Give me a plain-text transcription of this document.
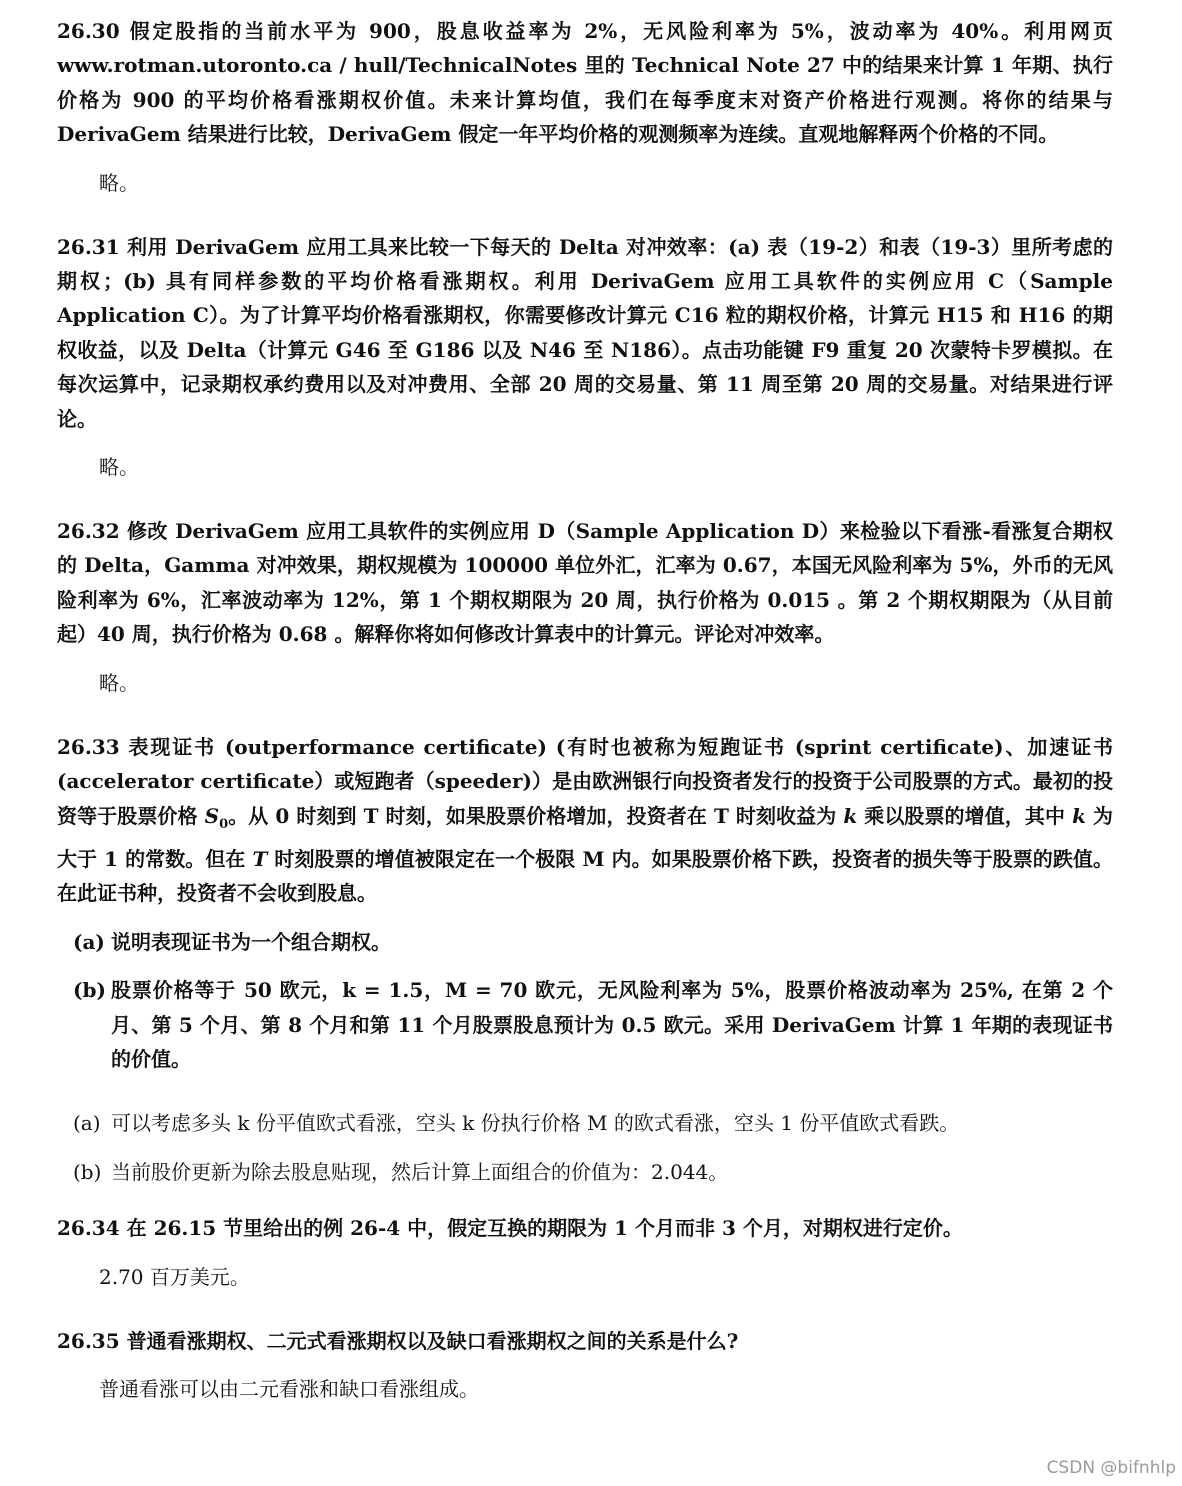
26.30 假定股指的当前水平为 900，股息收益率为 2%，无风险利率为 5%，波动率为 40%。利用网页 www.rotman.utoronto.ca / hull/TechnicalNotes 里的 Technical Note 27 中的结果来计算 1 年期、执行价格为 900 的平均价格看涨期权价值。未来计算均值，我们在每季度末对资产价格进行观测。将你的结果与 DerivaGem 结果进行比较，DerivaGem 假定一年平均价格的观测频率为连续。直观地解释两个价格的不同。

略。

26.31 利用 DerivaGem 应用工具来比较一下每天的 Delta 对冲效率：(a) 表（19-2）和表（19-3）里所考虑的期权；(b) 具有同样参数的平均价格看涨期权。利用 DerivaGem 应用工具软件的实例应用 C（Sample Application C）。为了计算平均价格看涨期权，你需要修改计算元 C16 粒的期权价格，计算元 H15 和 H16 的期权收益，以及 Delta（计算元 G46 至 G186 以及 N46 至 N186）。点击功能键 F9 重复 20 次蒙特卡罗模拟。在每次运算中，记录期权承约费用以及对冲费用、全部 20 周的交易量、第 11 周至第 20 周的交易量。对结果进行评论。

略。

26.32 修改 DerivaGem 应用工具软件的实例应用 D（Sample Application D）来检验以下看涨-看涨复合期权的 Delta，Gamma 对冲效果，期权规模为 100000 单位外汇，汇率为 0.67，本国无风险利率为 5%，外币的无风险利率为 6%，汇率波动率为 12%，第 1 个期权期限为 20 周，执行价格为 0.015 。第 2 个期权期限为（从目前起）40 周，执行价格为 0.68 。解释你将如何修改计算表中的计算元。评论对冲效率。

略。

26.33 表现证书 (outperformance certificate) (有时也被称为短跑证书 (sprint certificate)、加速证书 (accelerator certificate）或短跑者（speeder)）是由欧洲银行向投资者发行的投资于公司股票的方式。最初的投资等于股票价格 $S_0$。从 0 时刻到 T 时刻，如果股票价格增加，投资者在 T 时刻收益为 k 乘以股票的增值，其中 k 为大于 1 的常数。但在 T 时刻股票的增值被限定在一个极限 M 内。如果股票价格下跌，投资者的损失等于股票的跌值。在此证书种，投资者不会收到股息。

(a) 说明表现证书为一个组合期权。
(b) 股票价格等于 50 欧元，k = 1.5，M = 70 欧元，无风险利率为 5%，股票价格波动率为 25%, 在第 2 个月、第 5 个月、第 8 个月和第 11 个月股票股息预计为 0.5 欧元。采用 DerivaGem 计算 1 年期的表现证书的价值。
(a) 可以考虑多头 k 份平值欧式看涨，空头 k 份执行价格 M 的欧式看涨，空头 1 份平值欧式看跌。
(b) 当前股价更新为除去股息贴现，然后计算上面组合的价值为：2.044。

26.34 在 26.15 节里给出的例 26-4 中，假定互换的期限为 1 个月而非 3 个月，对期权进行定价。

2.70 百万美元。

26.35 普通看涨期权、二元式看涨期权以及缺口看涨期权之间的关系是什么?

普通看涨可以由二元看涨和缺口看涨组成。
CSDN @bifnhlp
